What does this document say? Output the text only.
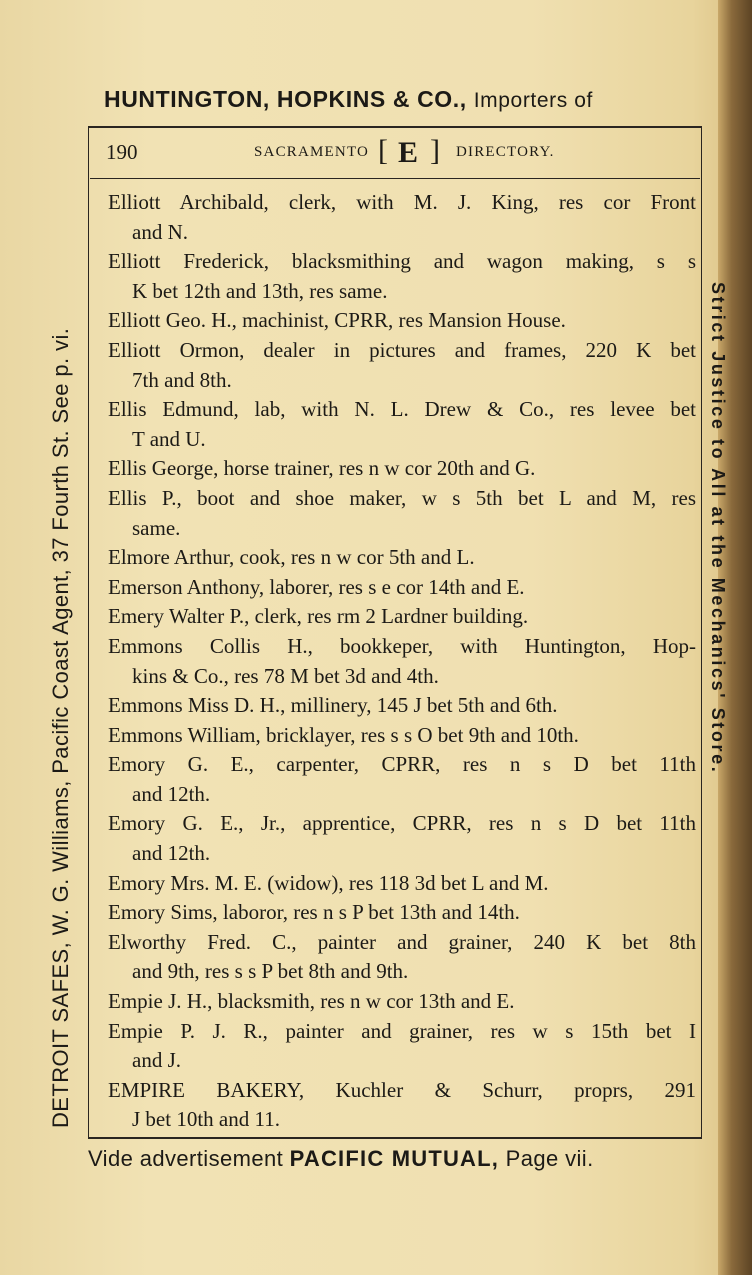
HUNTINGTON, HOPKINS & CO., Importers of
190	SACRAMENTO [ E ] DIRECTORY.

Elliott Archibald, clerk, with M. J. King, res cor Front
and N.

Elliott Frederick, blacksmithing and wagon making, s s
K bet 12th and 13th, res same.

Elliott Geo. H., machinist, CPRR, res Mansion House.

Elliott Ormon, dealer in pictures and frames, 220 K bet
7th and 8th.

Ellis Edmund, lab, with N. L. Drew & Co., res levee bet
T and U.

Ellis George, horse trainer, res n w cor 20th and G.

Ellis P., boot and shoe maker, w s 5th bet L and M, res
same.

Elmore Arthur, cook, res n w cor 5th and L.

Emerson Anthony, laborer, res s e cor 14th and E.

Emery Walter P., clerk, res rm 2 Lardner building.

Emmons Collis H., bookkeper, with Huntington, Hop-
kins & Co., res 78 M bet 3d and 4th.

Emmons Miss D. H., millinery, 145 J bet 5th and 6th.

Emmons William, bricklayer, res s s O bet 9th and 10th.

Emory G. E., carpenter, CPRR, res n s D bet 11th
and 12th.

Emory G. E., Jr., apprentice, CPRR, res n s D bet 11th
and 12th.

Emory Mrs. M. E. (widow), res 118 3d bet L and M.

Emory Sims, laboror, res n s P bet 13th and 14th.

Elworthy Fred. C., painter and grainer, 240 K bet 8th
and 9th, res s s P bet 8th and 9th.

Empie J. H., blacksmith, res n w cor 13th and E.

Empie P. J. R., painter and grainer, res w s 15th bet I
and J.

EMPIRE BAKERY, Kuchler & Schurr, proprs, 291
J bet 10th and 11.

DETROIT SAFES, W. G. Williams, Pacific Coast Agent, 37 Fourth St. See p. vi.	Strict Justice to All at the Mechanics' Store.
Vide advertisement PACIFIC MUTUAL, Page vii.
